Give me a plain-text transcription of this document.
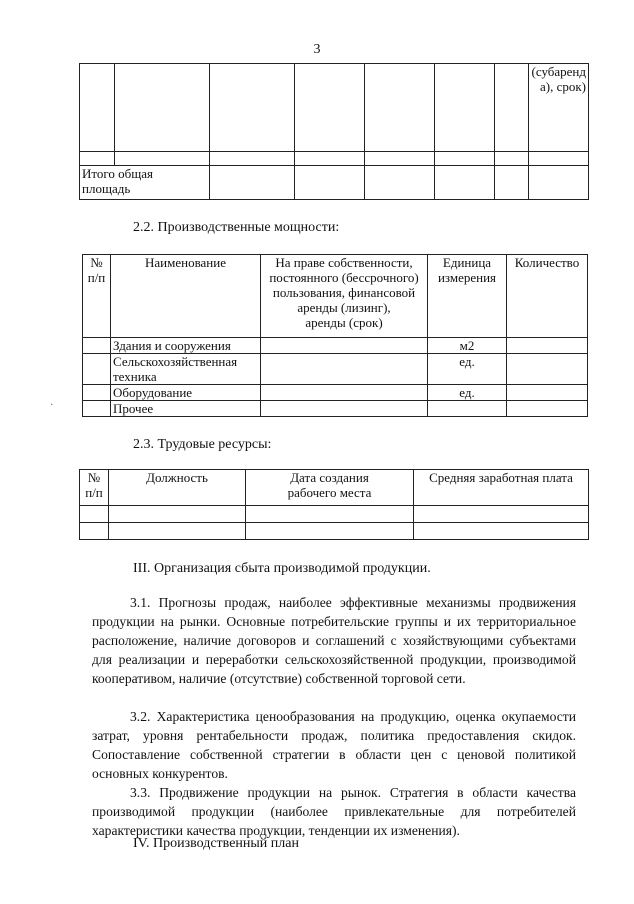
3
							(субаренд
а), срок)

Итого общая
площадь							
2.2. Производственные мощности:
№
п/п	Наименование	На праве собственности,
постоянного (бессрочного)
пользования, финансовой
аренды (лизинг),
аренды (срок)	Единица
измерения	Количество
	Здания и сооружения		м2	
	Сельскохозяйственная
техника		ед.	
	Оборудование		ед.	
	Прочее			
·
2.3. Трудовые ресурсы:
№
п/п	Должность	Дата создания
рабочего места	Средняя заработная плата

III. Организация сбыта производимой продукции.
3.1. Прогнозы продаж, наиболее эффективные механизмы продвижения продукции на рынки. Основные потребительские группы и их территориальное расположение, наличие договоров и соглашений с хозяйствующими субъектами для реализации и переработки сельскохозяйственной продукции, производимой кооперативом, наличие (отсутствие) собственной торговой сети.
3.2. Характеристика ценообразования на продукцию, оценка окупаемости затрат, уровня рентабельности продаж, политика предоставления скидок. Сопоставление собственной стратегии в области цен с ценовой политикой основных конкурентов.
3.3. Продвижение продукции на рынок. Стратегия в области качества производимой продукции (наиболее привлекательные для потребителей характеристики качества продукции, тенденции их изменения).
IV. Производственный план
